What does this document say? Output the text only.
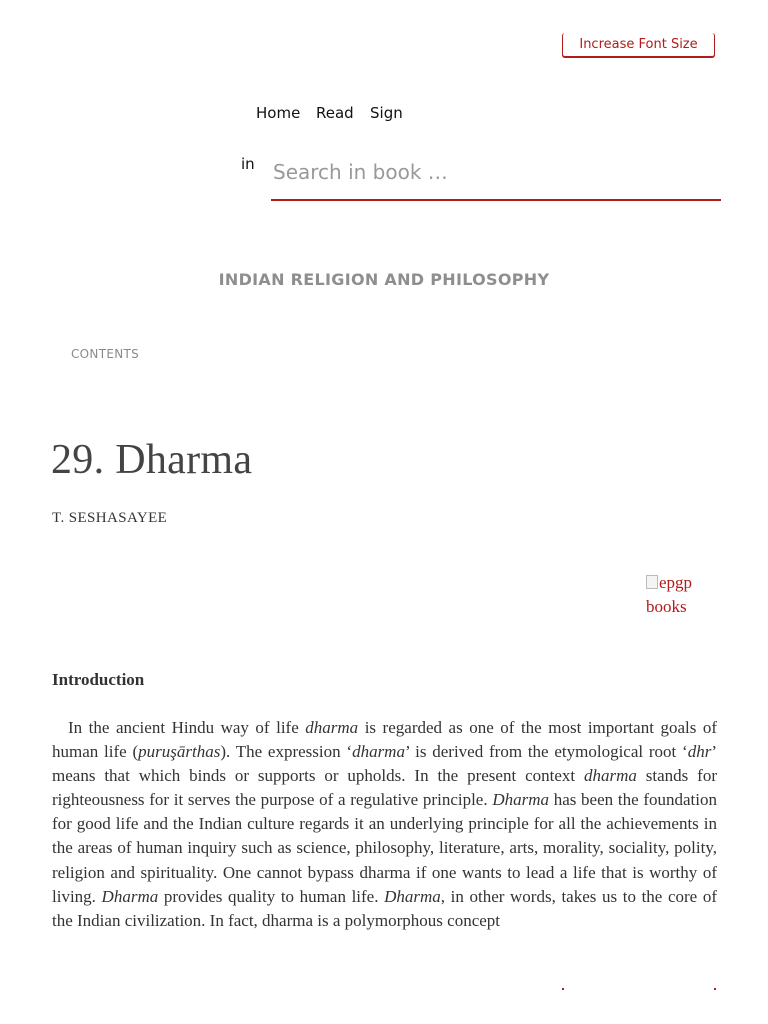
Increase Font Size
Home Read Sign
in
Search in book …
INDIAN RELIGION AND PHILOSOPHY
CONTENTS
29. Dharma
T. SESHASAYEE
epgp books
Introduction

In the ancient Hindu way of life dharma is regarded as one of the most important goals of human life (puruşārthas). The expression ‘dharma’ is derived from the etymological root ‘dhr’ means that which binds or supports or upholds. In the present context dharma stands for righteousness for it serves the purpose of a regulative principle. Dharma has been the foundation for good life and the Indian culture regards it an underlying principle for all the achievements in the areas of human inquiry such as science, philosophy, literature, arts, morality, sociality, polity, religion and spirituality. One cannot bypass dharma if one wants to lead a life that is worthy of living. Dharma provides quality to human life. Dharma, in other words, takes us to the core of the Indian civilization. In fact, dharma is a polymorphous concept
